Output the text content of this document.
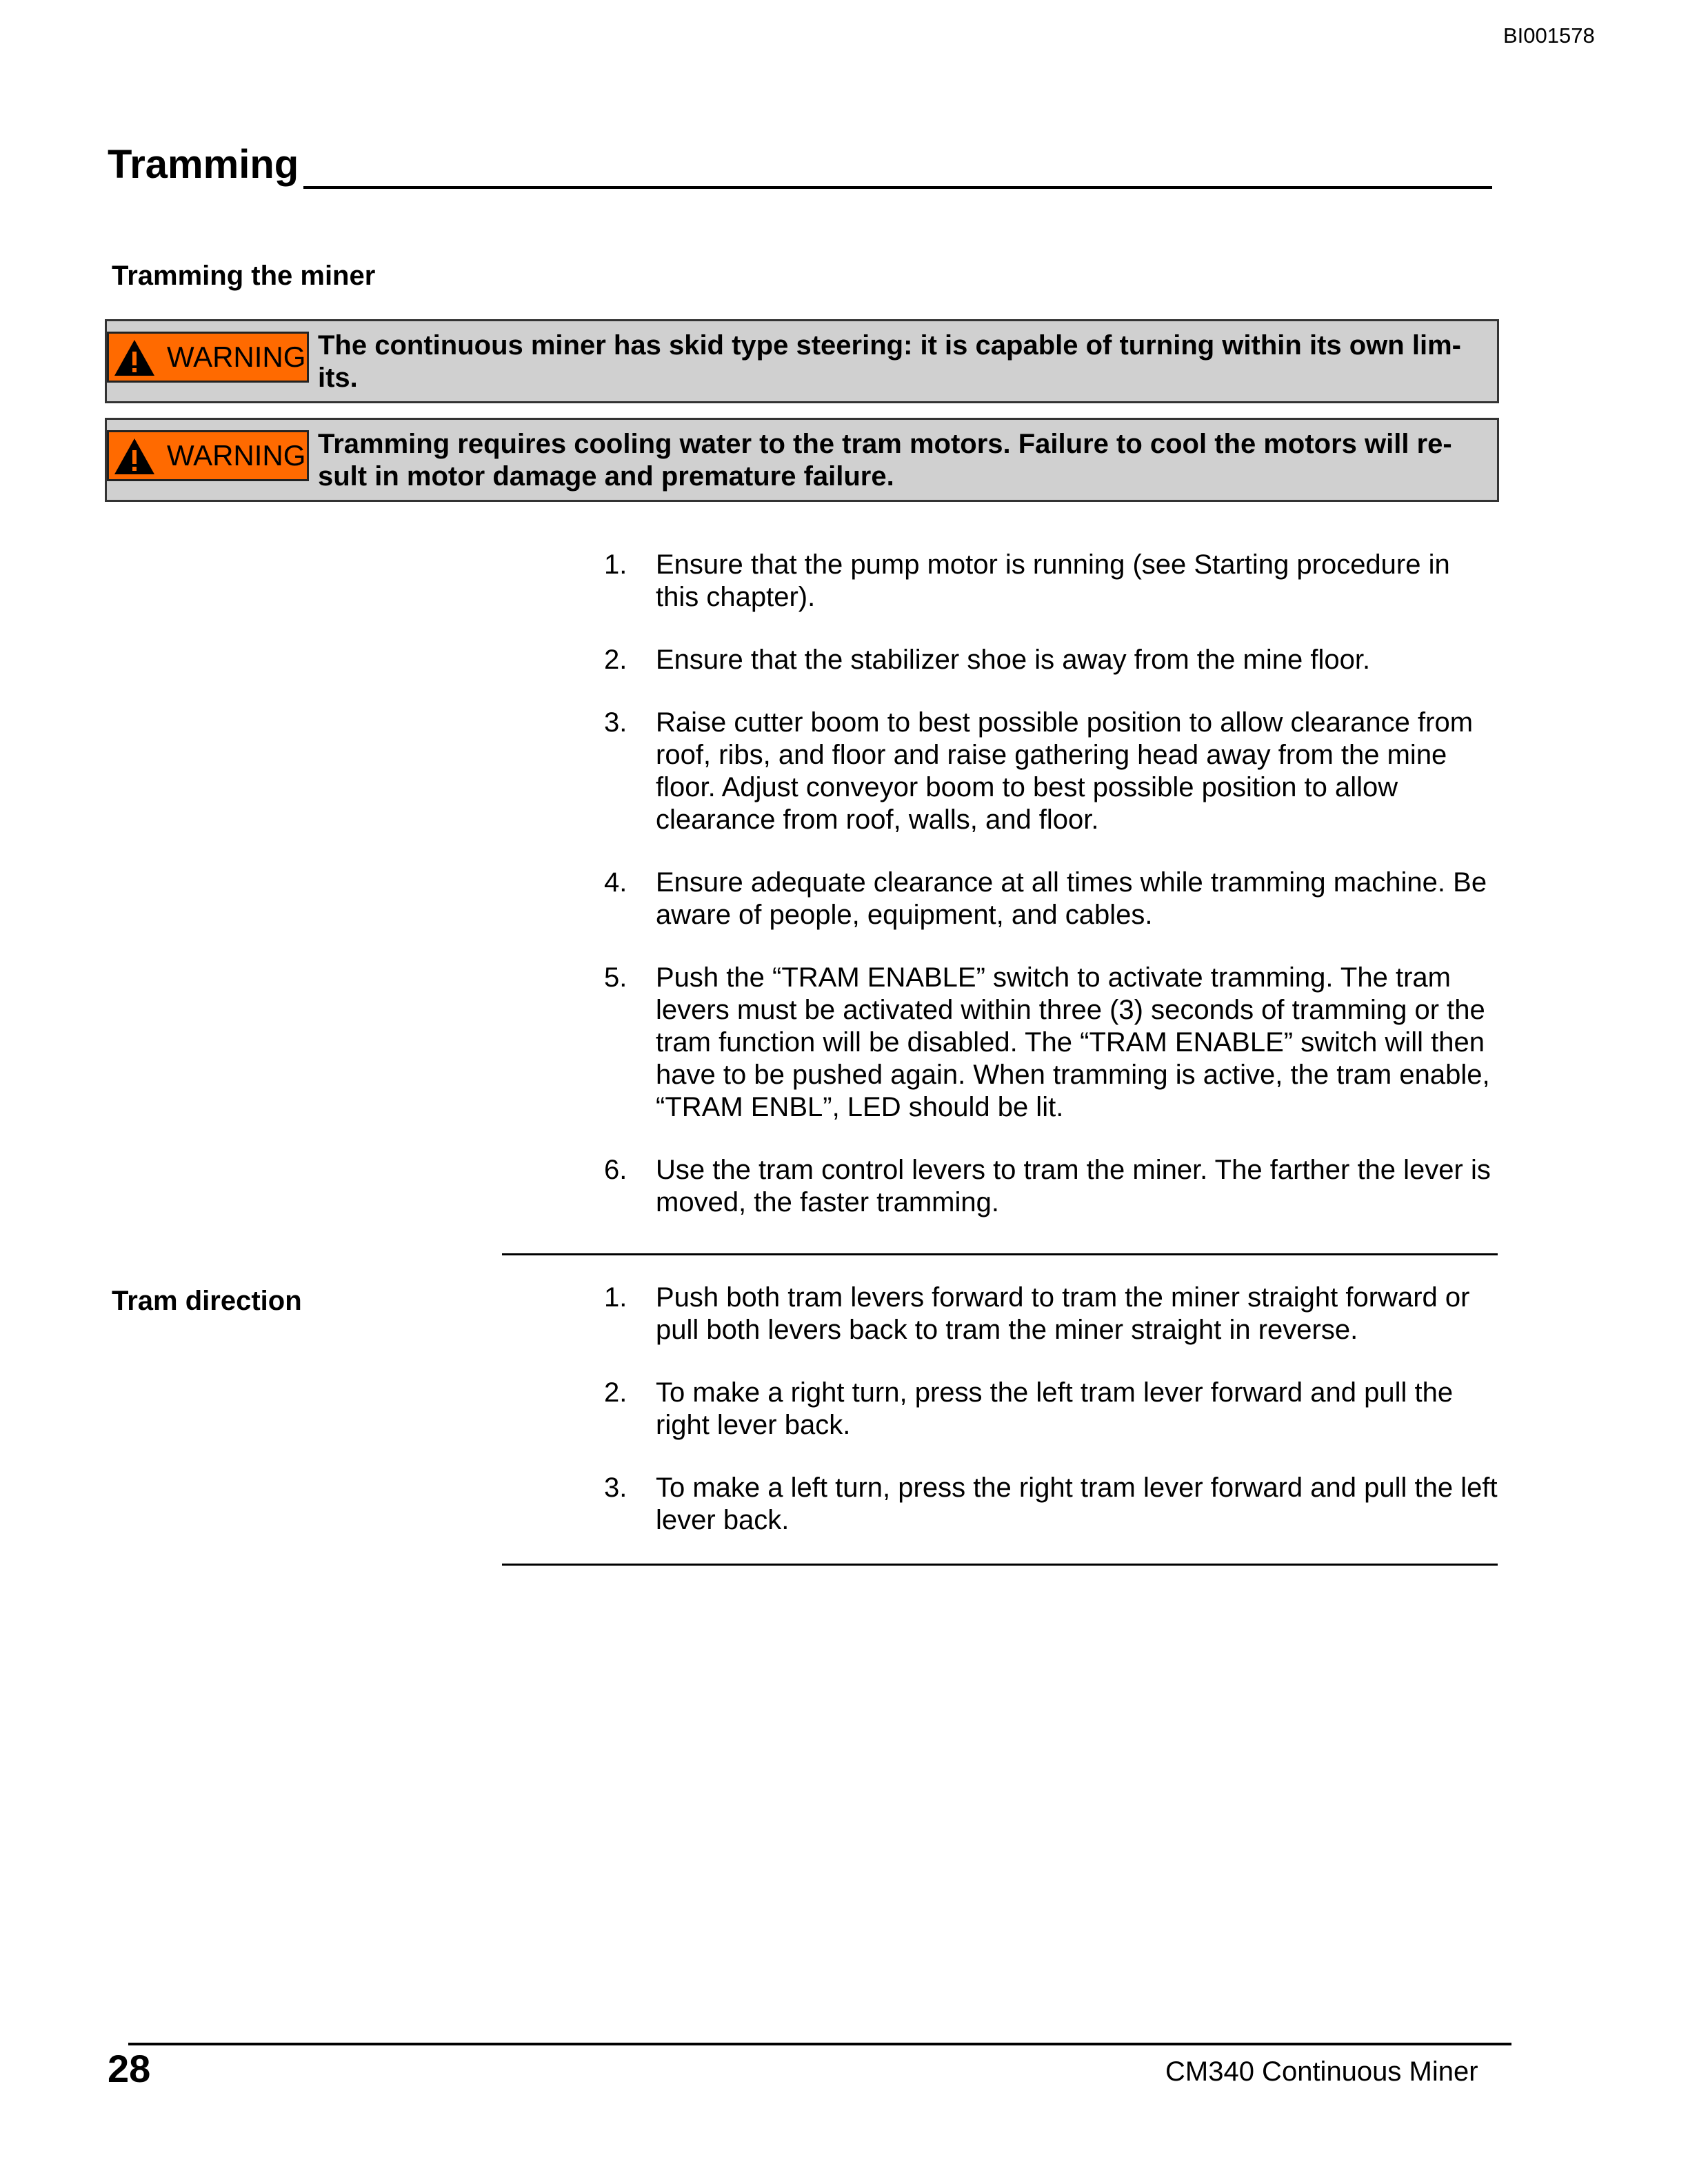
BI001578
Tramming
Tramming the miner
WARNING The continuous miner has skid type steering: it is capable of turning within its own lim-its.
WARNING Tramming requires cooling water to the tram motors. Failure to cool the motors will re-sult in motor damage and premature failure.
1. Ensure that the pump motor is running (see Starting procedure in this chapter).
2. Ensure that the stabilizer shoe is away from the mine floor.
3. Raise cutter boom to best possible position to allow clearance from roof, ribs, and floor and raise gathering head away from the mine floor. Adjust conveyor boom to best possible position to allow clearance from roof, walls, and floor.
4. Ensure adequate clearance at all times while tramming machine. Be aware of people, equipment, and cables.
5. Push the “TRAM ENABLE” switch to activate tramming. The tram levers must be activated within three (3) seconds of tramming or the tram function will be disabled. The “TRAM ENABLE” switch will then have to be pushed again. When tramming is active, the tram enable, “TRAM ENBL”, LED should be lit.
6. Use the tram control levers to tram the miner. The farther the lever is moved, the faster tramming.
Tram direction	1. Push both tram levers forward to tram the miner straight forward or pull both levers back to tram the miner straight in reverse.
2. To make a right turn, press the left tram lever forward and pull the right lever back.
3. To make a left turn, press the right tram lever forward and pull the left lever back.
28	CM340 Continuous Miner
